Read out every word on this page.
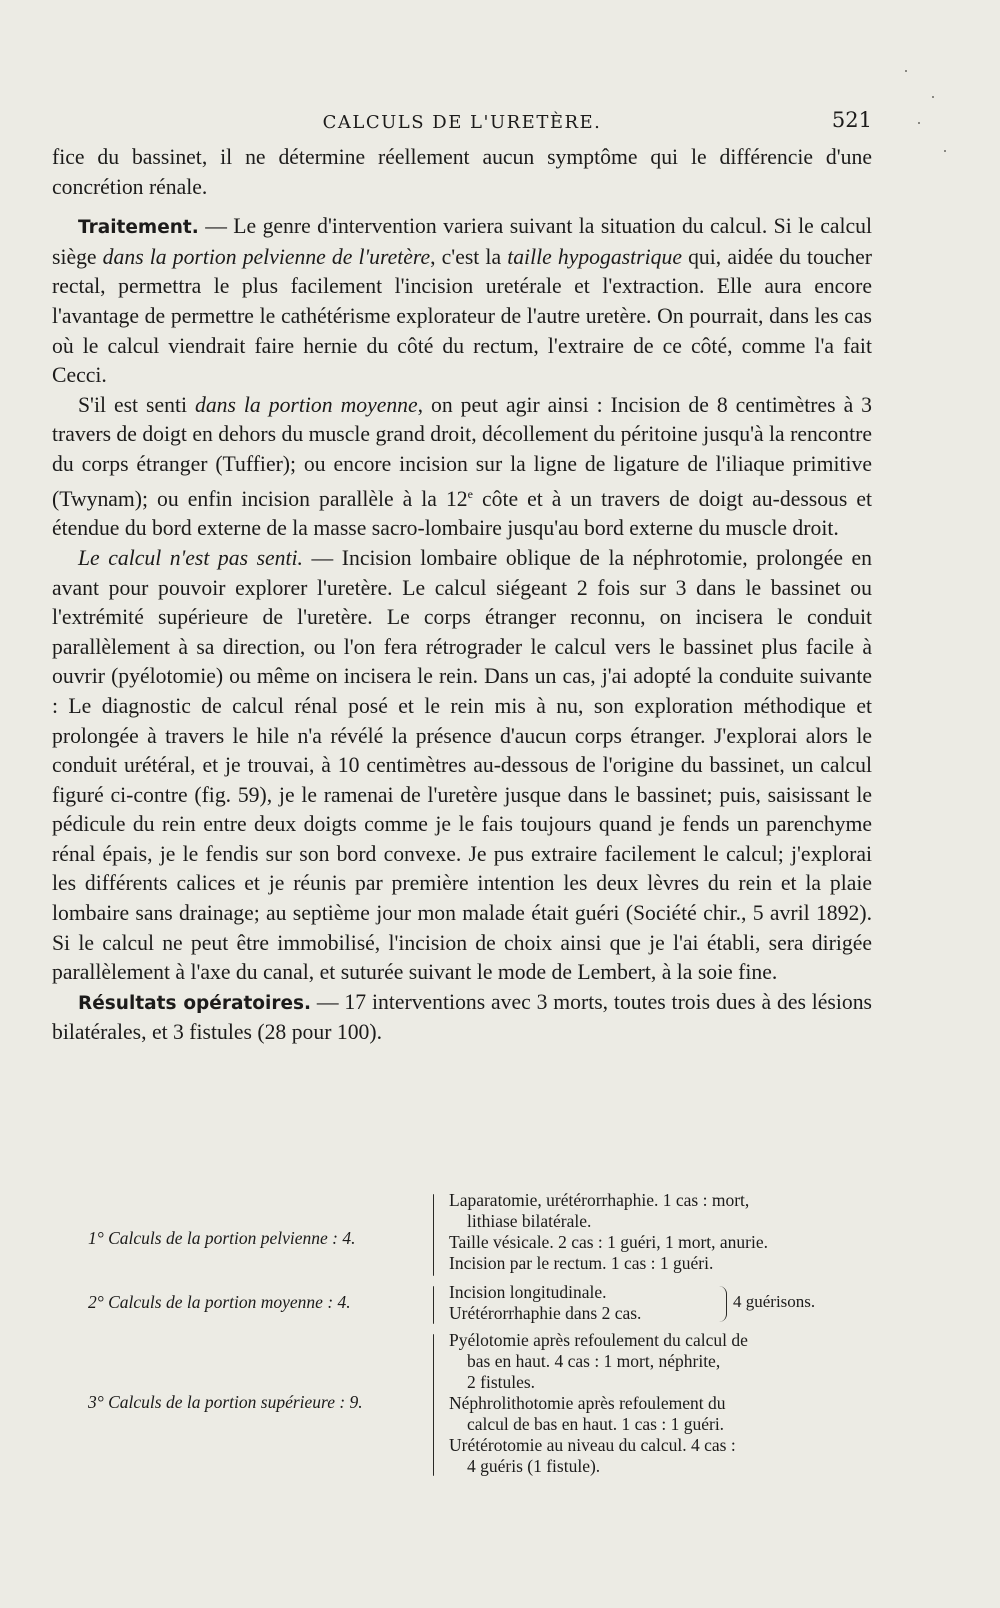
CALCULS DE L'URETÈRE.	521

fice du bassinet, il ne détermine réellement aucun symptôme qui le différencie d'une concrétion rénale.

Traitement. — Le genre d'intervention variera suivant la situation du calcul. Si le calcul siège dans la portion pelvienne de l'uretère, c'est la taille hypogastrique qui, aidée du toucher rectal, permettra le plus facilement l'incision uretérale et l'extraction. Elle aura encore l'avantage de permettre le cathétérisme explorateur de l'autre uretère. On pourrait, dans les cas où le calcul viendrait faire hernie du côté du rectum, l'extraire de ce côté, comme l'a fait Cecci.

S'il est senti dans la portion moyenne, on peut agir ainsi : Incision de 8 centimètres à 3 travers de doigt en dehors du muscle grand droit, décollement du péritoine jusqu'à la rencontre du corps étranger (Tuffier); ou encore incision sur la ligne de ligature de l'iliaque primitive (Twynam); ou enfin incision parallèle à la 12e côte et à un travers de doigt au-dessous et étendue du bord externe de la masse sacro-lombaire jusqu'au bord externe du muscle droit.

Le calcul n'est pas senti. — Incision lombaire oblique de la néphrotomie, prolongée en avant pour pouvoir explorer l'uretère. Le calcul siégeant 2 fois sur 3 dans le bassinet ou l'extrémité supérieure de l'uretère. Le corps étranger reconnu, on incisera le conduit parallèlement à sa direction, ou l'on fera rétrograder le calcul vers le bassinet plus facile à ouvrir (pyélotomie) ou même on incisera le rein. Dans un cas, j'ai adopté la conduite suivante : Le diagnostic de calcul rénal posé et le rein mis à nu, son exploration méthodique et prolongée à travers le hile n'a révélé la présence d'aucun corps étranger. J'explorai alors le conduit urétéral, et je trouvai, à 10 centimètres au-dessous de l'origine du bassinet, un calcul figuré ci-contre (fig. 59), je le ramenai de l'uretère jusque dans le bassinet; puis, saisissant le pédicule du rein entre deux doigts comme je le fais toujours quand je fends un parenchyme rénal épais, je le fendis sur son bord convexe. Je pus extraire facilement le calcul; j'explorai les différents calices et je réunis par première intention les deux lèvres du rein et la plaie lombaire sans drainage; au septième jour mon malade était guéri (Société chir., 5 avril 1892). Si le calcul ne peut être immobilisé, l'incision de choix ainsi que je l'ai établi, sera dirigée parallèlement à l'axe du canal, et suturée suivant le mode de Lembert, à la soie fine.

Résultats opératoires. — 17 interventions avec 3 morts, toutes trois dues à des lésions bilatérales, et 3 fistules (28 pour 100).

1° Calculs de la portion pelvienne : 4.
Laparatomie, urétérorrhaphie. 1 cas : mort,
lithiase bilatérale.
Taille vésicale. 2 cas : 1 guéri, 1 mort, anurie.
Incision par le rectum. 1 cas : 1 guéri.
2° Calculs de la portion moyenne : 4.	Incision longitudinale.
Urétérorrhaphie dans 2 cas.
4 guérisons.
3° Calculs de la portion supérieure : 9.
Pyélotomie après refoulement du calcul de
bas en haut. 4 cas : 1 mort, néphrite,
2 fistules.
Néphrolithotomie après refoulement du
calcul de bas en haut. 1 cas : 1 guéri.
Urétérotomie au niveau du calcul. 4 cas :
4 guéris (1 fistule).
